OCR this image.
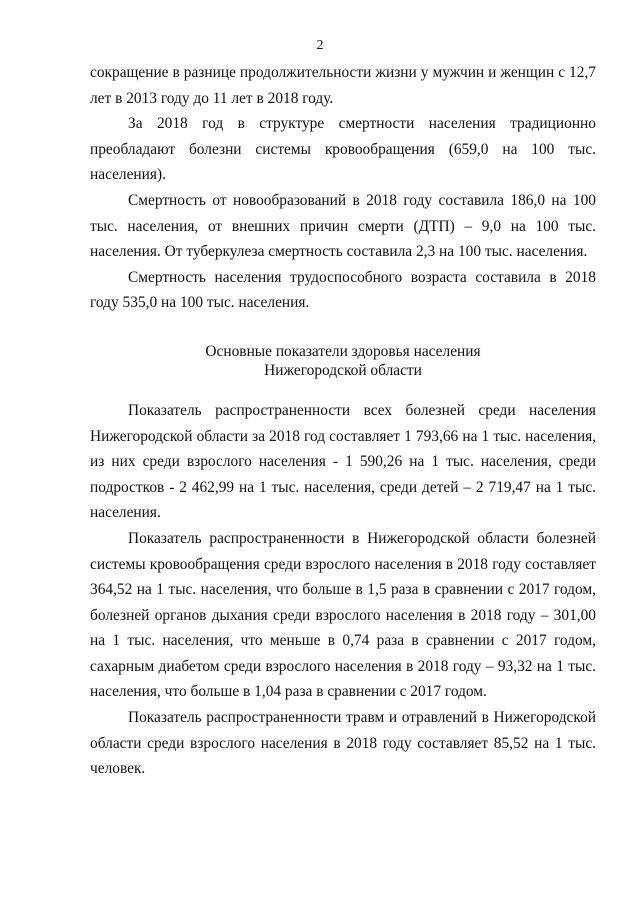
2

сокращение в разнице продолжительности жизни у мужчин и женщин с 12,7 лет в 2013 году до 11 лет в 2018 году.

За 2018 год в структуре смертности населения традиционно преобладают болезни системы кровообращения (659,0 на 100 тыс. населения).

Смертность от новообразований в 2018 году составила 186,0 на 100 тыс. населения, от внешних причин смерти (ДТП) – 9,0 на 100 тыс. населения. От туберкулеза смертность составила 2,3 на 100 тыс. населения.

Смертность населения трудоспособного возраста составила в 2018 году 535,0 на 100 тыс. населения.

Основные показатели здоровья населения
Нижегородской области

Показатель распространенности всех болезней среди населения Нижегородской области за 2018 год составляет 1 793,66 на 1 тыс. населения, из них среди взрослого населения - 1 590,26 на 1 тыс. населения, среди подростков - 2 462,99 на 1 тыс. населения, среди детей – 2 719,47 на 1 тыс. населения.

Показатель распространенности в Нижегородской области болезней системы кровообращения среди взрослого населения в 2018 году составляет 364,52 на 1 тыс. населения, что больше в 1,5 раза в сравнении с 2017 годом, болезней органов дыхания среди взрослого населения в 2018 году – 301,00 на 1 тыс. населения, что меньше в 0,74 раза в сравнении с 2017 годом, сахарным диабетом среди взрослого населения в 2018 году – 93,32 на 1 тыс. населения, что больше в 1,04 раза в сравнении с 2017 годом.

Показатель распространенности травм и отравлений в Нижегородской области среди взрослого населения в 2018 году составляет 85,52 на 1 тыс. человек.
